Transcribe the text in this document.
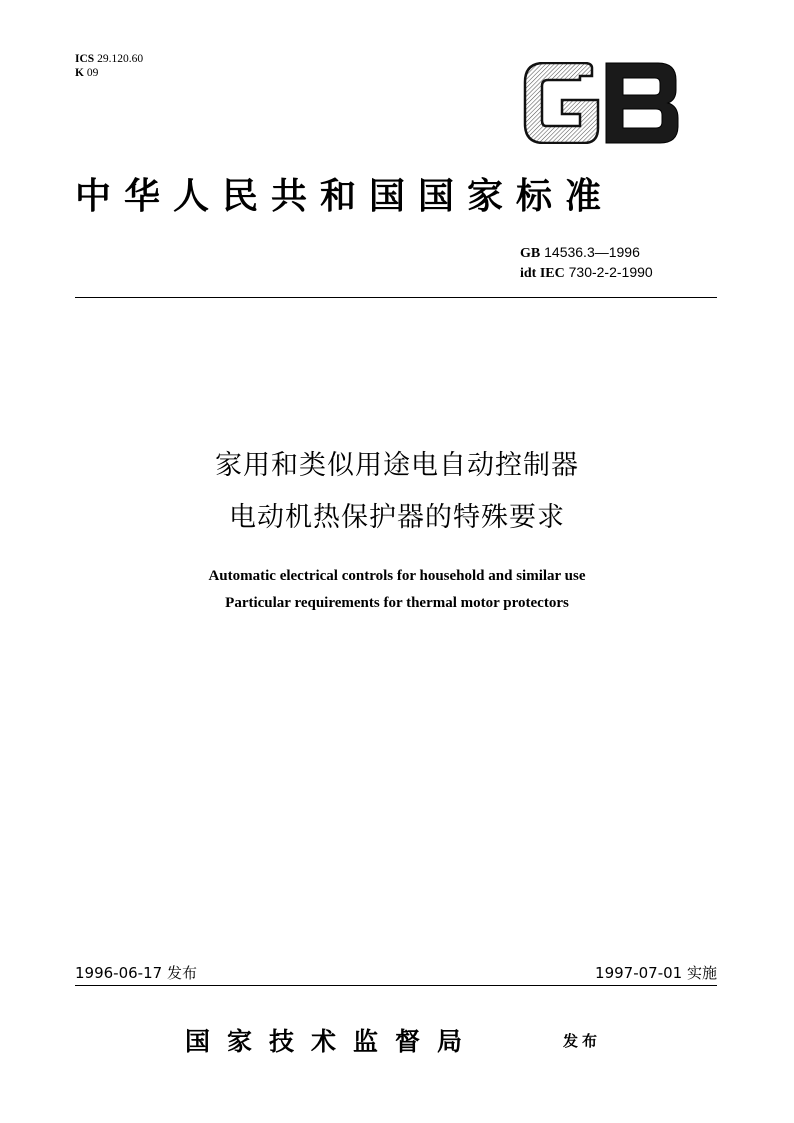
ICS 29.120.60
K 09
中华人民共和国国家标准
GB 14536.3—1996
idt IEC 730-2-2-1990
家用和类似用途电自动控制器
电动机热保护器的特殊要求
Automatic electrical controls for household and similar use
Particular requirements for thermal motor protectors
1996-06-17 发布	1997-07-01 实施
国家技术监督局	发布
